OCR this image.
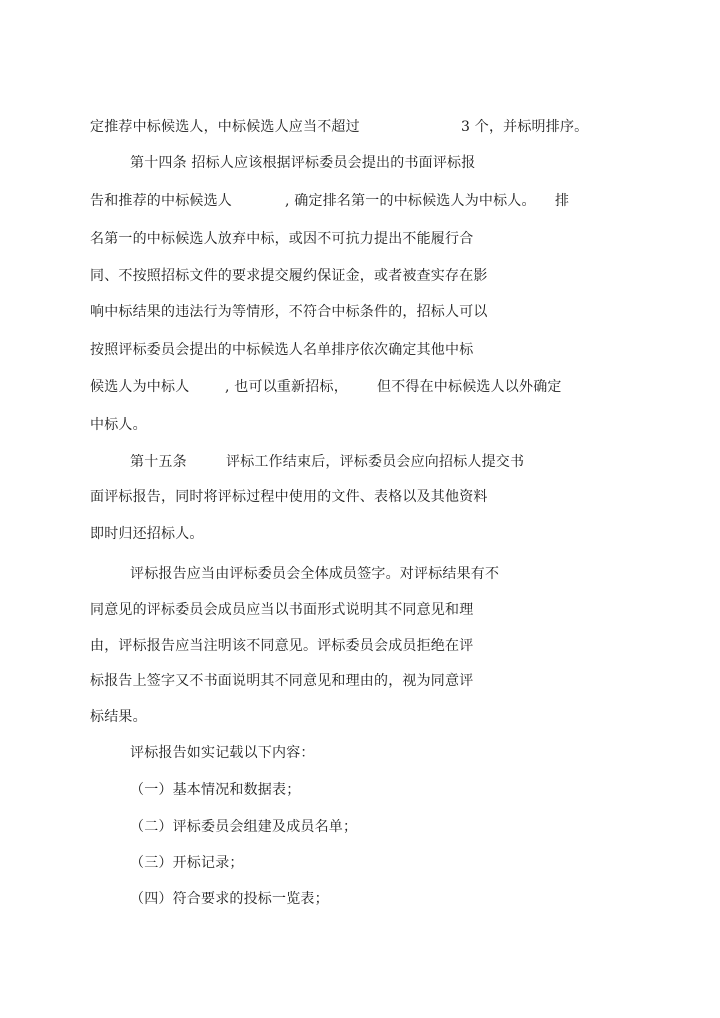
定推荐中标候选人，中标候选人应当不超过	3 个，并标明排序。

第十四条 招标人应该根据评标委员会提出的书面评标报

告和推荐的中标候选人	, 确定排名第一的中标候选人为中标人。 排

名第一的中标候选人放弃中标，或因不可抗力提出不能履行合

同、不按照招标文件的要求提交履约保证金，或者被查实存在影

响中标结果的违法行为等情形，不符合中标条件的，招标人可以

按照评标委员会提出的中标候选人名单排序依次确定其他中标

候选人为中标人	, 也可以重新招标， 但不得在中标候选人以外确定

中标人。

第十五条	评标工作结束后，评标委员会应向招标人提交书

面评标报告，同时将评标过程中使用的文件、表格以及其他资料

即时归还招标人。

评标报告应当由评标委员会全体成员签字。对评标结果有不

同意见的评标委员会成员应当以书面形式说明其不同意见和理

由，评标报告应当注明该不同意见。评标委员会成员拒绝在评

标报告上签字又不书面说明其不同意见和理由的，视为同意评

标结果。

评标报告如实记载以下内容：

（一）基本情况和数据表；

（二）评标委员会组建及成员名单；

（三）开标记录；

（四）符合要求的投标一览表；
